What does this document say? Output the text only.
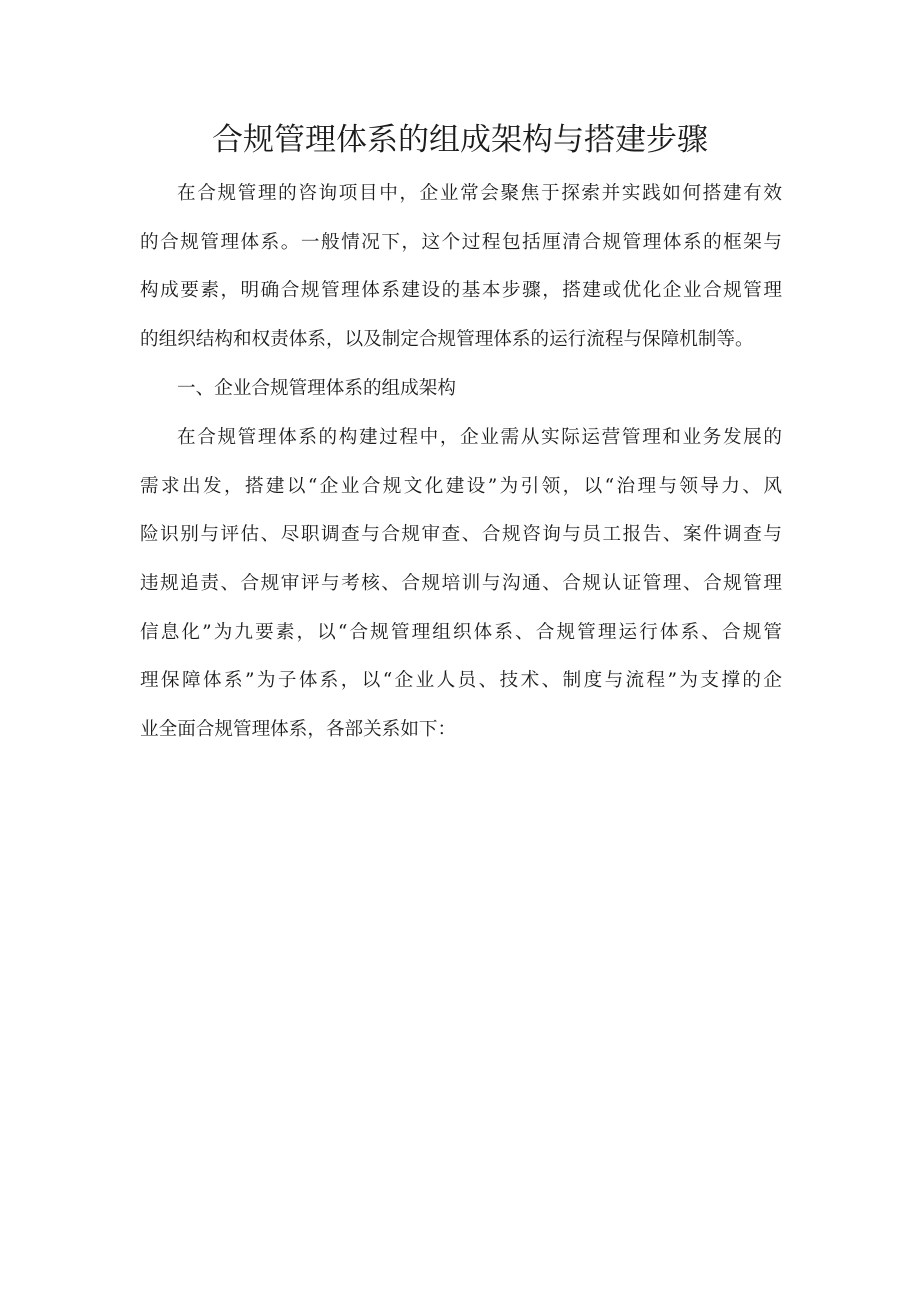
合规管理体系的组成架构与搭建步骤
在合规管理的咨询项目中，企业常会聚焦于探索并实践如何搭建有效
的合规管理体系。一般情况下，这个过程包括厘清合规管理体系的框架与
构成要素，明确合规管理体系建设的基本步骤，搭建或优化企业合规管理
的组织结构和权责体系，以及制定合规管理体系的运行流程与保障机制等。
一、企业合规管理体系的组成架构
在合规管理体系的构建过程中，企业需从实际运营管理和业务发展的
需求出发，搭建以“企业合规文化建设”为引领，以“治理与领导力、风
险识别与评估、尽职调查与合规审查、合规咨询与员工报告、案件调查与
违规追责、合规审评与考核、合规培训与沟通、合规认证管理、合规管理
信息化”为九要素，以“合规管理组织体系、合规管理运行体系、合规管
理保障体系”为子体系，以“企业人员、技术、制度与流程”为支撑的企
业全面合规管理体系，各部关系如下：
